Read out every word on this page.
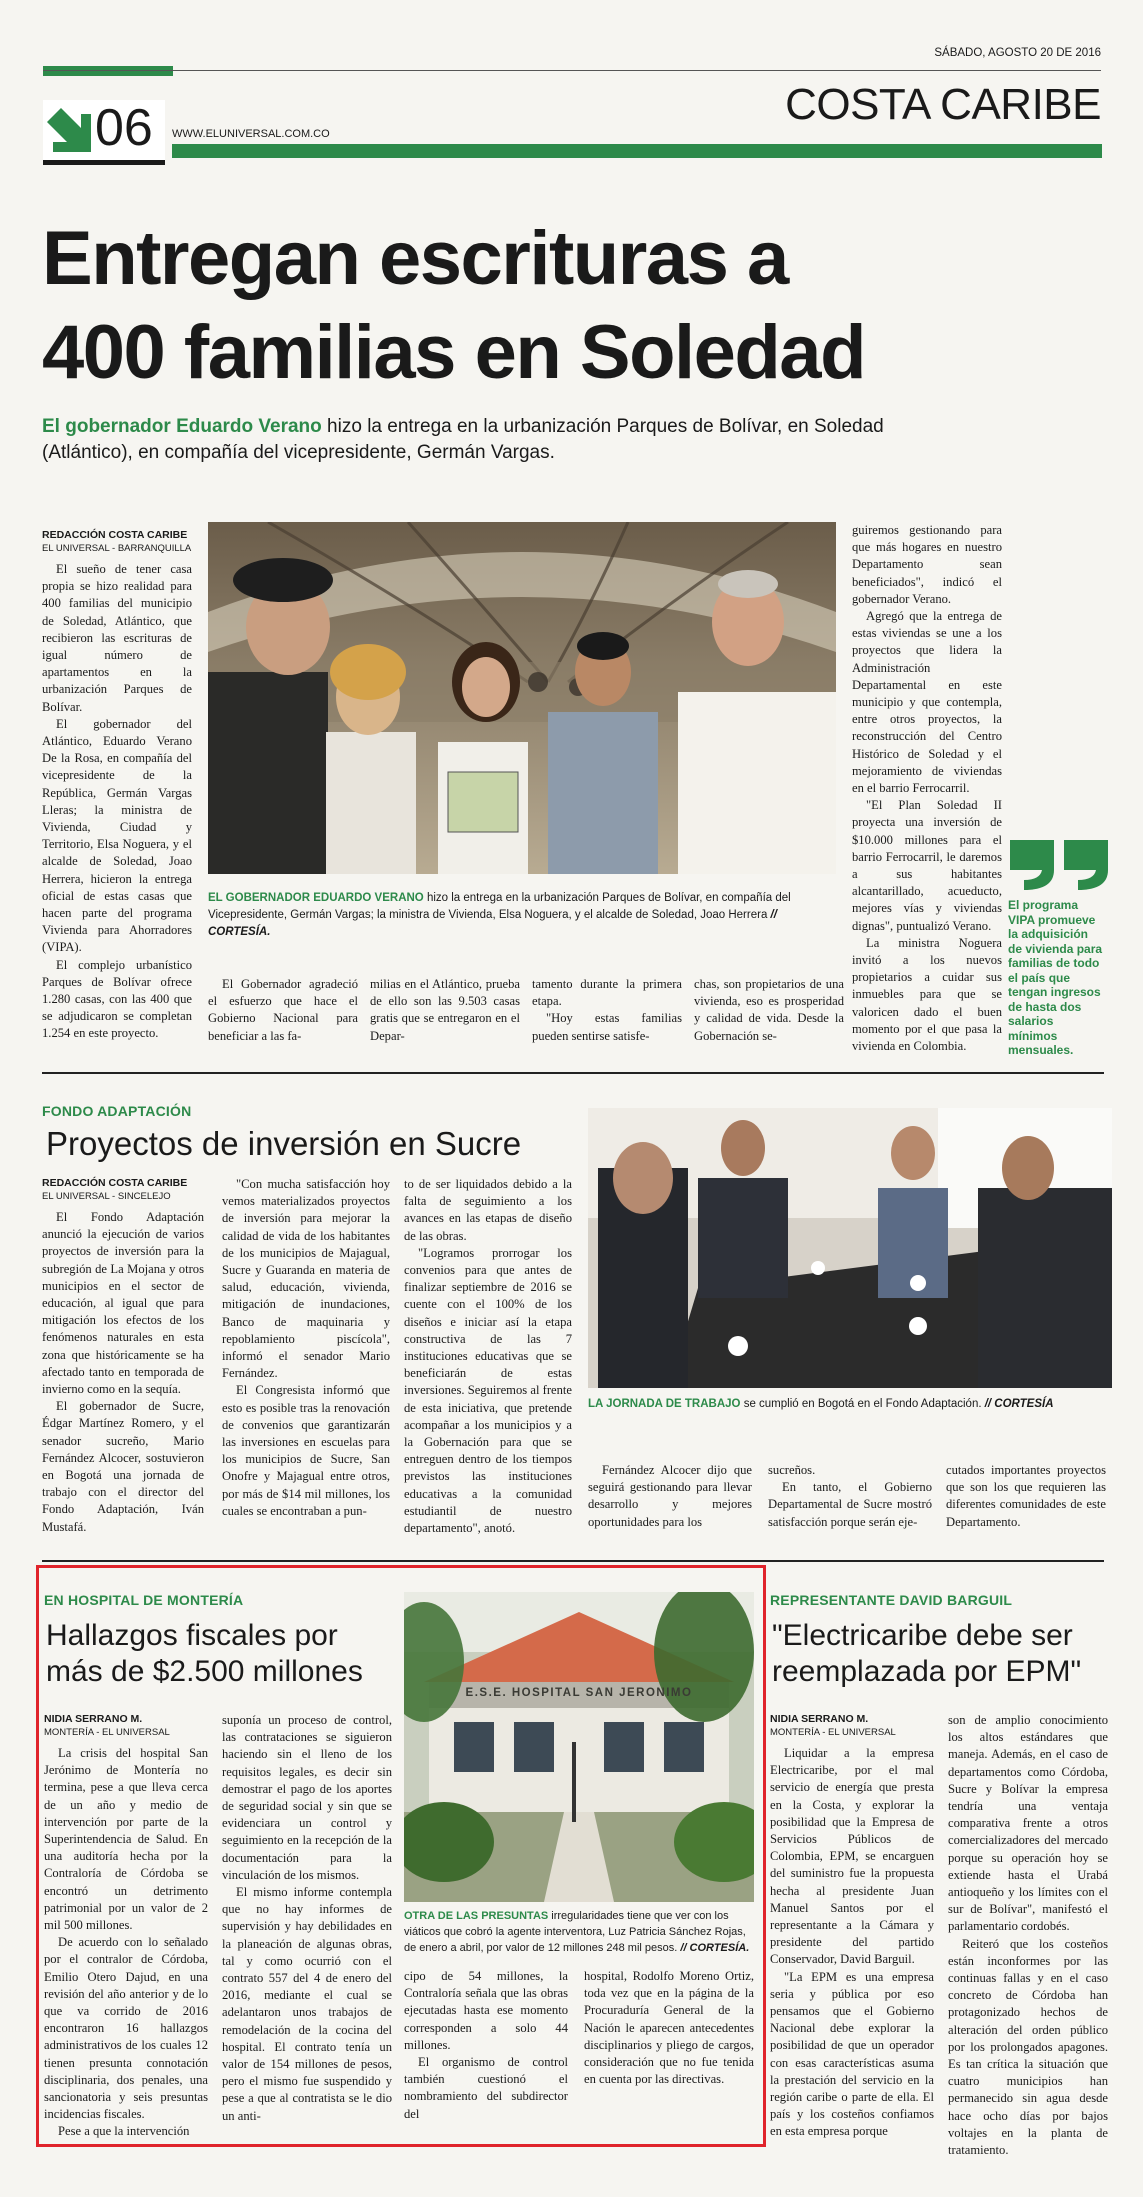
SÁBADO, AGOSTO 20 DE 2016
06 WWW.ELUNIVERSAL.COM.CO
COSTA CARIBE
Entregan escrituras a
400 familias en Soledad
El gobernador Eduardo Verano hizo la entrega en la urbanización Parques de Bolívar, en Soledad
(Atlántico), en compañía del vicepresidente, Germán Vargas.
REDACCIÓN COSTA CARIBE
EL UNIVERSAL - BARRANQUILLA

El sueño de tener casa propia se hizo realidad para 400 familias del municipio de Soledad, Atlántico, que recibieron las escrituras de igual número de apartamentos en la urbanización Parques de Bolívar.

El gobernador del Atlántico, Eduardo Verano De la Rosa, en compañía del vicepresidente de la República, Germán Vargas Lleras; la ministra de Vivienda, Ciudad y Territorio, Elsa Noguera, y el alcalde de Soledad, Joao Herrera, hicieron la entrega oficial de estas casas que hacen parte del programa Vivienda para Ahorradores (VIPA).

El complejo urbanístico Parques de Bolívar ofrece 1.280 casas, con las 400 que se adjudicaron se completan 1.254 en este proyecto.

EL GOBERNADOR EDUARDO VERANO hizo la entrega en la urbanización Parques de Bolívar, en compañía del Vicepresidente, Germán Vargas; la ministra de Vivienda, Elsa Noguera, y el alcalde de Soledad, Joao Herrera // CORTESÍA.

El Gobernador agradeció el esfuerzo que hace el Gobierno Nacional para beneficiar a las fa-

milias en el Atlántico, prueba de ello son las 9.503 casas gratis que se entregaron en el Depar-

tamento durante la primera etapa.

"Hoy estas familias pueden sentirse satisfe-

chas, son propietarios de una vivienda, eso es prosperidad y calidad de vida. Desde la Gobernación se-

guiremos gestionando para que más hogares en nuestro Departamento sean beneficiados", indicó el gobernador Verano.

Agregó que la entrega de estas viviendas se une a los proyectos que lidera la Administración Departamental en este municipio y que contempla, entre otros proyectos, la reconstrucción del Centro Histórico de Soledad y el mejoramiento de viviendas en el barrio Ferrocarril.

"El Plan Soledad II proyecta una inversión de $10.000 millones para el barrio Ferrocarril, le daremos a sus habitantes alcantarillado, acueducto, mejores vías y viviendas dignas", puntualizó Verano.

La ministra Noguera invitó a los nuevos propietarios a cuidar sus inmuebles para que se valoricen dado el buen momento por el que pasa la vivienda en Colombia.

El programa VIPA promueve la adquisición de vivienda para familias de todo el país que tengan ingresos de hasta dos salarios mínimos mensuales.
FONDO ADAPTACIÓN
Proyectos de inversión en Sucre
REDACCIÓN COSTA CARIBE
EL UNIVERSAL - SINCELEJO

El Fondo Adaptación anunció la ejecución de varios proyectos de inversión para la subregión de La Mojana y otros municipios en el sector de educación, al igual que para mitigación los efectos de los fenómenos naturales en esta zona que históricamente se ha afectado tanto en temporada de invierno como en la sequía.

El gobernador de Sucre, Édgar Martínez Romero, y el senador sucreño, Mario Fernández Alcocer, sostuvieron en Bogotá una jornada de trabajo con el director del Fondo Adaptación, Iván Mustafá.

"Con mucha satisfacción hoy vemos materializados proyectos de inversión para mejorar la calidad de vida de los habitantes de los municipios de Majagual, Sucre y Guaranda en materia de salud, educación, vivienda, mitigación de inundaciones, Banco de maquinaria y repoblamiento piscícola", informó el senador Mario Fernández.

El Congresista informó que esto es posible tras la renovación de convenios que garantizarán las inversiones en escuelas para los municipios de Sucre, San Onofre y Majagual entre otros, por más de $14 mil millones, los cuales se encontraban a pun-

to de ser liquidados debido a la falta de seguimiento a los avances en las etapas de diseño de las obras.

"Logramos prorrogar los convenios para que antes de finalizar septiembre de 2016 se cuente con el 100% de los diseños e iniciar así la etapa constructiva de las 7 instituciones educativas que se beneficiarán de estas inversiones. Seguiremos al frente de esta iniciativa, que pretende acompañar a los municipios y a la Gobernación para que se entreguen dentro de los tiempos previstos las instituciones educativas a la comunidad estudiantil de nuestro departamento", anotó.

LA JORNADA DE TRABAJO se cumplió en Bogotá en el Fondo Adaptación. // CORTESÍA

Fernández Alcocer dijo que seguirá gestionando para llevar desarrollo y mejores oportunidades para los

sucreños.

En tanto, el Gobierno Departamental de Sucre mostró satisfacción porque serán eje-

cutados importantes proyectos que son los que requieren las diferentes comunidades de este Departamento.

EN HOSPITAL DE MONTERÍA
Hallazgos fiscales por
más de $2.500 millones
NIDIA SERRANO M.
MONTERÍA - EL UNIVERSAL

La crisis del hospital San Jerónimo de Montería no termina, pese a que lleva cerca de un año y medio de intervención por parte de la Superintendencia de Salud. En una auditoría hecha por la Contraloría de Córdoba se encontró un detrimento patrimonial por un valor de 2 mil 500 millones.

De acuerdo con lo señalado por el contralor de Córdoba, Emilio Otero Dajud, en una revisión del año anterior y de lo que va corrido de 2016 encontraron 16 hallazgos administrativos de los cuales 12 tienen presunta connotación disciplinaria, dos penales, una sancionatoria y seis presuntas incidencias fiscales.

Pese a que la intervención

suponía un proceso de control, las contrataciones se siguieron haciendo sin el lleno de los requisitos legales, es decir sin demostrar el pago de los aportes de seguridad social y sin que se evidenciara un control y seguimiento en la recepción de la documentación para la vinculación de los mismos.

El mismo informe contempla que no hay informes de supervisión y hay debilidades en la planeación de algunas obras, tal y como ocurrió con el contrato 557 del 4 de enero del 2016, mediante el cual se adelantaron unos trabajos de remodelación de la cocina del hospital. El contrato tenía un valor de 154 millones de pesos, pero el mismo fue suspendido y pese a que al contratista se le dio un anti-

E.S.E. HOSPITAL SAN JERONIMO
OTRA DE LAS PRESUNTAS irregularidades tiene que ver con los viáticos que cobró la agente interventora, Luz Patricia Sánchez Rojas, de enero a abril, por valor de 12 millones 248 mil pesos. // CORTESÍA.

cipo de 54 millones, la Contraloría señala que las obras ejecutadas hasta ese momento corresponden a solo 44 millones.

El organismo de control también cuestionó el nombramiento del subdirector del

hospital, Rodolfo Moreno Ortiz, toda vez que en la página de la Procuraduría General de la Nación le aparecen antecedentes disciplinarios y pliego de cargos, consideración que no fue tenida en cuenta por las directivas.

REPRESENTANTE DAVID BARGUIL
"Electricaribe debe ser
reemplazada por EPM"
NIDIA SERRANO M.
MONTERÍA - EL UNIVERSAL

Liquidar a la empresa Electricaribe, por el mal servicio de energía que presta en la Costa, y explorar la posibilidad que la Empresa de Servicios Públicos de Colombia, EPM, se encarguen del suministro fue la propuesta hecha al presidente Juan Manuel Santos por el representante a la Cámara y presidente del partido Conservador, David Barguil.

"La EPM es una empresa seria y pública por eso pensamos que el Gobierno Nacional debe explorar la posibilidad de que un operador con esas características asuma la prestación del servicio en la región caribe o parte de ella. El país y los costeños confiamos en esta empresa porque

son de amplio conocimiento los altos estándares que maneja. Además, en el caso de departamentos como Córdoba, Sucre y Bolívar la empresa tendría una ventaja comparativa frente a otros comercializadores del mercado porque su operación hoy se extiende hasta el Urabá antioqueño y los límites con el sur de Bolívar", manifestó el parlamentario cordobés.

Reiteró que los costeños están inconformes por las continuas fallas y en el caso concreto de Córdoba han protagonizado hechos de alteración del orden público por los prolongados apagones. Es tan crítica la situación que cuatro municipios han permanecido sin agua desde hace ocho días por bajos voltajes en la planta de tratamiento.
